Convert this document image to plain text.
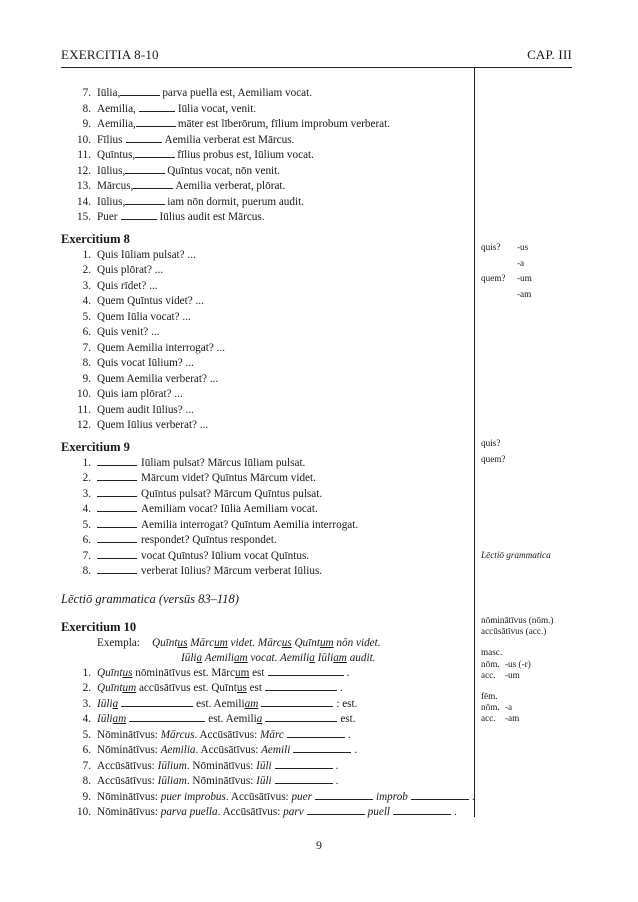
EXERCITIA 8-10	CAP. III
7. Iūlia,	parva puella est, Aemiliam vocat.
8. Aemilia,	Iūlia vocat, venit.
9. Aemilia,	māter est līberōrum, fīlium improbum verberat.
10. Fīlius	Aemilia verberat est Mārcus.
11. Quīntus,	fīlius probus est, Iūlium vocat.
12. Iūlius,	Quīntus vocat, nōn venit.
13. Mārcus,	Aemilia verberat, plōrat.
14. Iūlius,	iam nōn dormit, puerum audit.
15. Puer	Iūlius audit est Mārcus.
Exercitium 8
1. Quis Iūliam pulsat? ...
2. Quis plōrat? ...
3. Quis rīdet? ...
4. Quem Quīntus videt? ...
5. Quem Iūlia vocat? ...
6. Quis venit? ...
7. Quem Aemilia interrogat? ...
8. Quis vocat Iūlium? ...
9. Quem Aemilia verberat? ...
10. Quis iam plōrat? ...
11. Quem audit Iūlius? ...
12. Quem Iūlius verberat? ...
Exercitium 9
1.	Iūliam pulsat? Mārcus Iūliam pulsat.
2.	Mārcum videt? Quīntus Mārcum videt.
3.	Quīntus pulsat? Mārcum Quīntus pulsat.
4.	Aemiliam vocat? Iūlia Aemiliam vocat.
5.	Aemilia interrogat? Quīntum Aemilia interrogat.
6.	respondet? Quīntus respondet.
7.	vocat Quīntus? Iūlium vocat Quīntus.
8.	verberat Iūlius? Mārcum verberat Iūlius.
Lēctiō grammatica (versūs 83–118)
Exercitium 10
Exempla: Quīntus Mārcum videt. Mārcus Quīntum nōn videt.
Iūlia Aemiliam vocat. Aemilia Iūliam audit.
1. Quīntus nōminātīvus est. Mārcum est	.
2. Quīntum accūsātīvus est. Quīntus est	.
3. Iūlia	est. Aemiliam	: est.
4. Iūliam	est. Aemilia	est.
5. Nōminātīvus: Mārcus. Accūsātīvus: Mārc	.
6. Nōminātīvus: Aemilia. Accūsātīvus: Aemili	.
7. Accūsātīvus: Iūlium. Nōminātīvus: Iūli	.
8. Accūsātīvus: Iūliam. Nōminātīvus: Iūli	.
9. Nōminātīvus: puer improbus. Accūsātīvus: puer	improb	.
10. Nōminātīvus: parva puella. Accūsātīvus: parv	puell	.
quis? -us
-a
quem? -um
-am
quis?
quem?
Lēctiō grammatica
nōminātīvus (nōm.)
accūsātīvus (acc.)
masc.
nōm. -us (-r)
acc. -um
fēm.
nōm. -a
acc. -am
9
